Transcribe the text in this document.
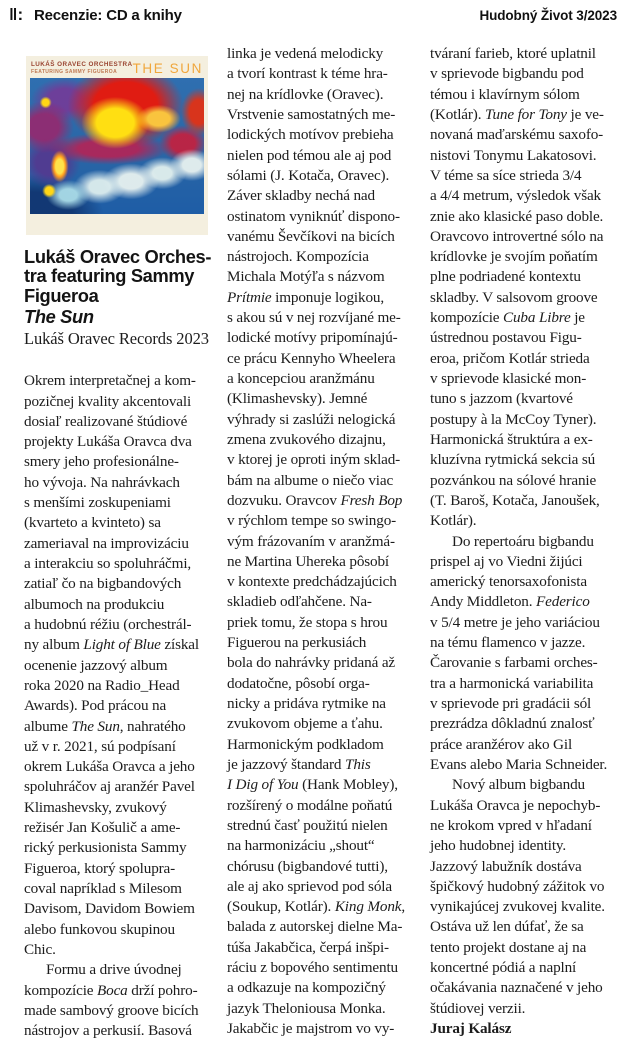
‖: Recenzie: CD a knihy	Hudobný Život 3/2023
LUKÁŠ ORAVEC ORCHESTRA
FEATURING SAMMY FIGUEROA	THE SUN
Lukáš Oravec Orches-
tra featuring Sammy
Figueroa
The Sun
Lukáš Oravec Records 2023
Okrem interpretačnej a kom-
pozičnej kvality akcentovali
dosiaľ realizované štúdiové
projekty Lukáša Oravca dva
smery jeho profesionálne-
ho vývoja. Na nahrávkach
s menšími zoskupeniami
(kvarteto a kvinteto) sa
zameriaval na improvizáciu
a interakciu so spoluhráčmi,
zatiaľ čo na bigbandových
albumoch na produkciu
a hudobnú réžiu (orchestrál-
ny album Light of Blue získal
ocenenie jazzový album
roka 2020 na Radio_Head
Awards). Pod prácou na
albume The Sun, nahratého
už v r. 2021, sú podpísaní
okrem Lukáša Oravca a jeho
spoluhráčov aj aranžér Pavel
Klimashevsky, zvukový
režisér Jan Košulič a ame-
rický perkusionista Sammy
Figueroa, ktorý spolupra-
coval napríklad s Milesom
Davisom, Davidom Bowiem
alebo funkovou skupinou
Chic.
Formu a drive úvodnej
kompozície Boca drží pohro-
made sambový groove bicích
nástrojov a perkusií. Basová
linka je vedená melodicky
a tvorí kontrast k téme hra-
nej na krídlovke (Oravec).
Vrstvenie samostatných me-
lodických motívov prebieha
nielen pod témou ale aj pod
sólami (J. Kotača, Oravec).
Záver skladby nechá nad
ostinatom vyniknúť dispono-
vanému Ševčíkovi na bicích
nástrojoch. Kompozícia
Michala Motýľa s názvom
Prítmie imponuje logikou,
s akou sú v nej rozvíjané me-
lodické motívy pripomínajú-
ce prácu Kennyho Wheelera
a koncepciou aranžmánu
(Klimashevsky). Jemné
výhrady si zaslúži nelogická
zmena zvukového dizajnu,
v ktorej je oproti iným sklad-
bám na albume o niečo viac
dozvuku. Oravcov Fresh Bop
v rýchlom tempe so swingo-
vým frázovaním v aranžmá-
ne Martina Uhereka pôsobí
v kontexte predchádzajúcich
skladieb odľahčene. Na-
priek tomu, že stopa s hrou
Figuerou na perkusiách
bola do nahrávky pridaná až
dodatočne, pôsobí orga-
nicky a pridáva rytmike na
zvukovom objeme a ťahu.
Harmonickým podkladom
je jazzový štandard This
I Dig of You (Hank Mobley),
rozšírený o modálne poňatú
strednú časť použitú nielen
na harmonizáciu „shout“
chórusu (bigbandové tutti),
ale aj ako sprievod pod sóla
(Soukup, Kotlár). King Monk,
balada z autorskej dielne Ma-
túša Jakabčica, čerpá inšpi-
ráciu z bopového sentimentu
a odkazuje na kompozičný
jazyk Theloniousa Monka.
Jakabčic je majstrom vo vy-
tváraní farieb, ktoré uplatnil
v sprievode bigbandu pod
témou i klavírnym sólom
(Kotlár). Tune for Tony je ve-
novaná maďarskému saxofo-
nistovi Tonymu Lakatosovi.
V téme sa síce strieda 3/4
a 4/4 metrum, výsledok však
znie ako klasické paso doble.
Oravcovo introvertné sólo na
krídlovke je svojím poňatím
plne podriadené kontextu
skladby. V salsovom groove
kompozície Cuba Libre je
ústrednou postavou Figu-
eroa, pričom Kotlár strieda
v sprievode klasické mon-
tuno s jazzom (kvartové
postupy à la McCoy Tyner).
Harmonická štruktúra a ex-
kluzívna rytmická sekcia sú
pozvánkou na sólové hranie
(T. Baroš, Kotača, Janoušek,
Kotlár).
Do repertoáru bigbandu
prispel aj vo Viedni žijúci
americký tenorsaxofonista
Andy Middleton. Federico
v 5/4 metre je jeho variáciou
na tému flamenco v jazze.
Čarovanie s farbami orches-
tra a harmonická variabilita
v sprievode pri gradácii sól
prezrádza dôkladnú znalosť
práce aranžérov ako Gil
Evans alebo Maria Schneider.
Nový album bigbandu
Lukáša Oravca je nepochyb-
ne krokom vpred v hľadaní
jeho hudobnej identity.
Jazzový labužník dostáva
špičkový hudobný zážitok vo
vynikajúcej zvukovej kvalite.
Ostáva už len dúfať, že sa
tento projekt dostane aj na
koncertné pódiá a naplní
očakávania naznačené v jeho
štúdiovej verzii.
Juraj Kalász
